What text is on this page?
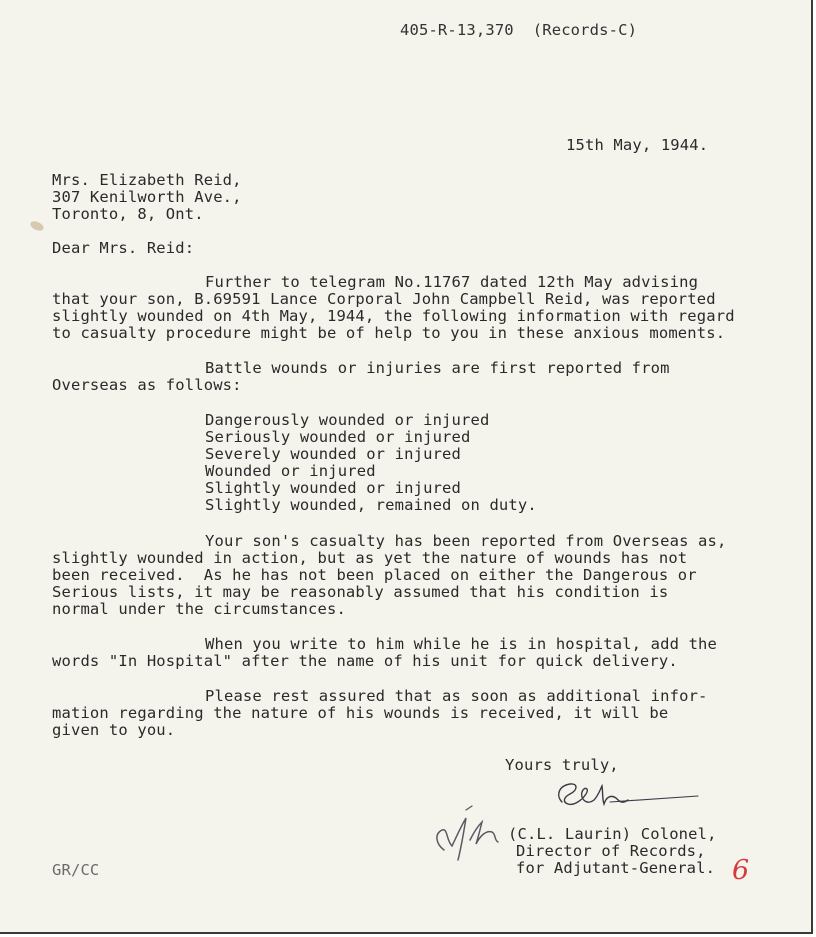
405-R-13,370  (Records-C)
15th May, 1944.
Mrs. Elizabeth Reid,
307 Kenilworth Ave.,
Toronto, 8, Ont.
Dear Mrs. Reid:
Further to telegram No.11767 dated 12th May advising
that your son, B.69591 Lance Corporal John Campbell Reid, was reported
slightly wounded on 4th May, 1944, the following information with regard
to casualty procedure might be of help to you in these anxious moments.
Battle wounds or injuries are first reported from
Overseas as follows:
Dangerously wounded or injured
Seriously wounded or injured
Severely wounded or injured
Wounded or injured
Slightly wounded or injured
Slightly wounded, remained on duty.
Your son's casualty has been reported from Overseas as,
slightly wounded in action, but as yet the nature of wounds has not
been received.  As he has not been placed on either the Dangerous or
Serious lists, it may be reasonably assumed that his condition is
normal under the circumstances.
When you write to him while he is in hospital, add the
words "In Hospital" after the name of his unit for quick delivery.
Please rest assured that as soon as additional infor-
mation regarding the nature of his wounds is received, it will be
given to you.
Yours truly,
(C.L. Laurin) Colonel,
Director of Records,
for Adjutant-General.
GR/CC	6
